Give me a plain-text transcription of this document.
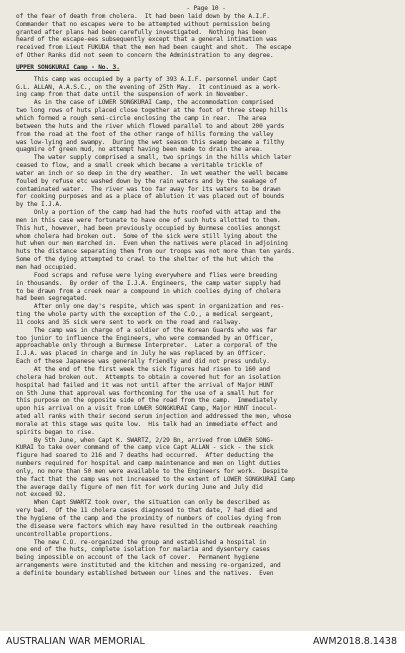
- Page 10 -
of the fear of death from cholera.  It had been laid down by the A.I.F.
Commander that no escapes were to be attempted without permission being
granted after plans had been carefully investigated.  Nothing has been
heard of the escape-ees subsequently except that a general intimation was
received from Lieut FUKUDA that the men had been caught and shot.  The escape
of Other Ranks did not seem to concern the Administration to any degree.
UPPER SONGKURAI Camp - No. 3.
This camp was occupied by a party of 393 A.I.F. personnel under Capt
G.L. ALLAN, A.A.S.C., on the evening of 25th May.  It continued as a work-
ing camp from that date until the suspension of work in November.
As in the case of LOWER SONGKURAI Camp, the accommodation comprised
two long rows of huts placed close together at the foot of three steep hills
which formed a rough semi-circle enclosing the camp in rear.  The area
between the huts and the river which flowed parallel to and about 200 yards
from the road at the foot of the other range of hills forming the valley
was low-lying and swampy.  During the wet season this swamp became a filthy
quagmire of green mud, no attempt having been made to drain the area.
The water supply comprised a small, two springs in the hills which later
ceased to flow, and a small creek which became a veritable trickle of
water an inch or so deep in the dry weather.  In wet weather the well became
fouled by refuse etc washed down by the rain waters and by the seakage of
contaminated water.  The river was too far away for its waters to be drawn
for cooking purposes and as a place of ablution it was placed out of bounds
by the I.J.A.
Only a portion of the camp had had the huts roofed with attap and the
men in this case were fortunate to have one of such huts allotted to them.
This hut, however, had been previously occupied by Burmese coolies amongst
whom cholera had broken out.  Some of the sick were still lying about the
hut when our men marched in.  Even when the natives were placed in adjoining
huts the distance separating them from our troops was not more than ten yards.
Some of the dying attempted to crawl to the shelter of the hut which the
men had occupied.
Food scraps and refuse were lying everywhere and flies were breeding
in thousands.  By order of the I.J.A. Engineers, the camp water supply had
to be drawn from a creek near a compound in which coolies dying of cholera
had been segregated.
After only one day's respite, which was spent in organization and res-
ting the whole party with the exception of the C.O., a medical sergeant,
11 cooks and 35 sick were sent to work on the road and railway.
The camp was in charge of a soldier of the Korean Guards who was far
too junior to influence the Engineers, who were commanded by an Officer,
approachable only through a Burmese Interpreter.  Later a corporal of the
I.J.A. was placed in charge and in July he was replaced by an Officer.
Each of these Japanese was generally friendly and did not press unduly.
At the end of the first week the sick figures had risen to 160 and
cholera had broken out.  Attempts to obtain a covered hut for an isolation
hospital had failed and it was not until after the arrival of Major HUNT
on 5th June that approval was forthcoming for the use of a small hut for
this purpose on the opposite side of the road from the camp.  Immediately
upon his arrival on a visit from LOWER SONGKURAI Camp, Major HUNT inocul-
ated all ranks with their second serum injection and addressed the men, whose
morale at this stage was quite low.  His talk had an immediate effect and
spirits began to rise.
By 5th June, when Capt K. SWARTZ, 2/29 Bn, arrived from LOWER SONG-
KURAI to take over command of the camp vice Capt ALLAN - sick - the sick
figure had soared to 216 and 7 deaths had occurred.  After deducting the
numbers required for hospital and camp maintenance and men on light duties
only, no more than 50 men were available to the Engineers for work.  Despite
the fact that the camp was not increased to the extent of LOWER SONGKURAI Camp
the average daily figure of men fit for work during June and July did
not exceed 92.
When Capt SWARTZ took over, the situation can only be described as
very bad.  Of the 11 cholera cases diagnosed to that date, 7 had died and
the hygiene of the camp and the proximity of numbers of coolies dying from
the disease were factors which may have resulted in the outbreak reaching
uncontrollable proportions.
The new C.O. re-organized the group and established a hospital in
one end of the huts, complete isolation for malaria and dysentery cases
being impossible on account of the lack of cover.  Permanent hygiene
arrangements were instituted and the kitchen and messing re-organized, and
a definite boundary established between our lines and the natives.  Even
AUSTRALIAN WAR MEMORIAL	AWM2018.8.1438
